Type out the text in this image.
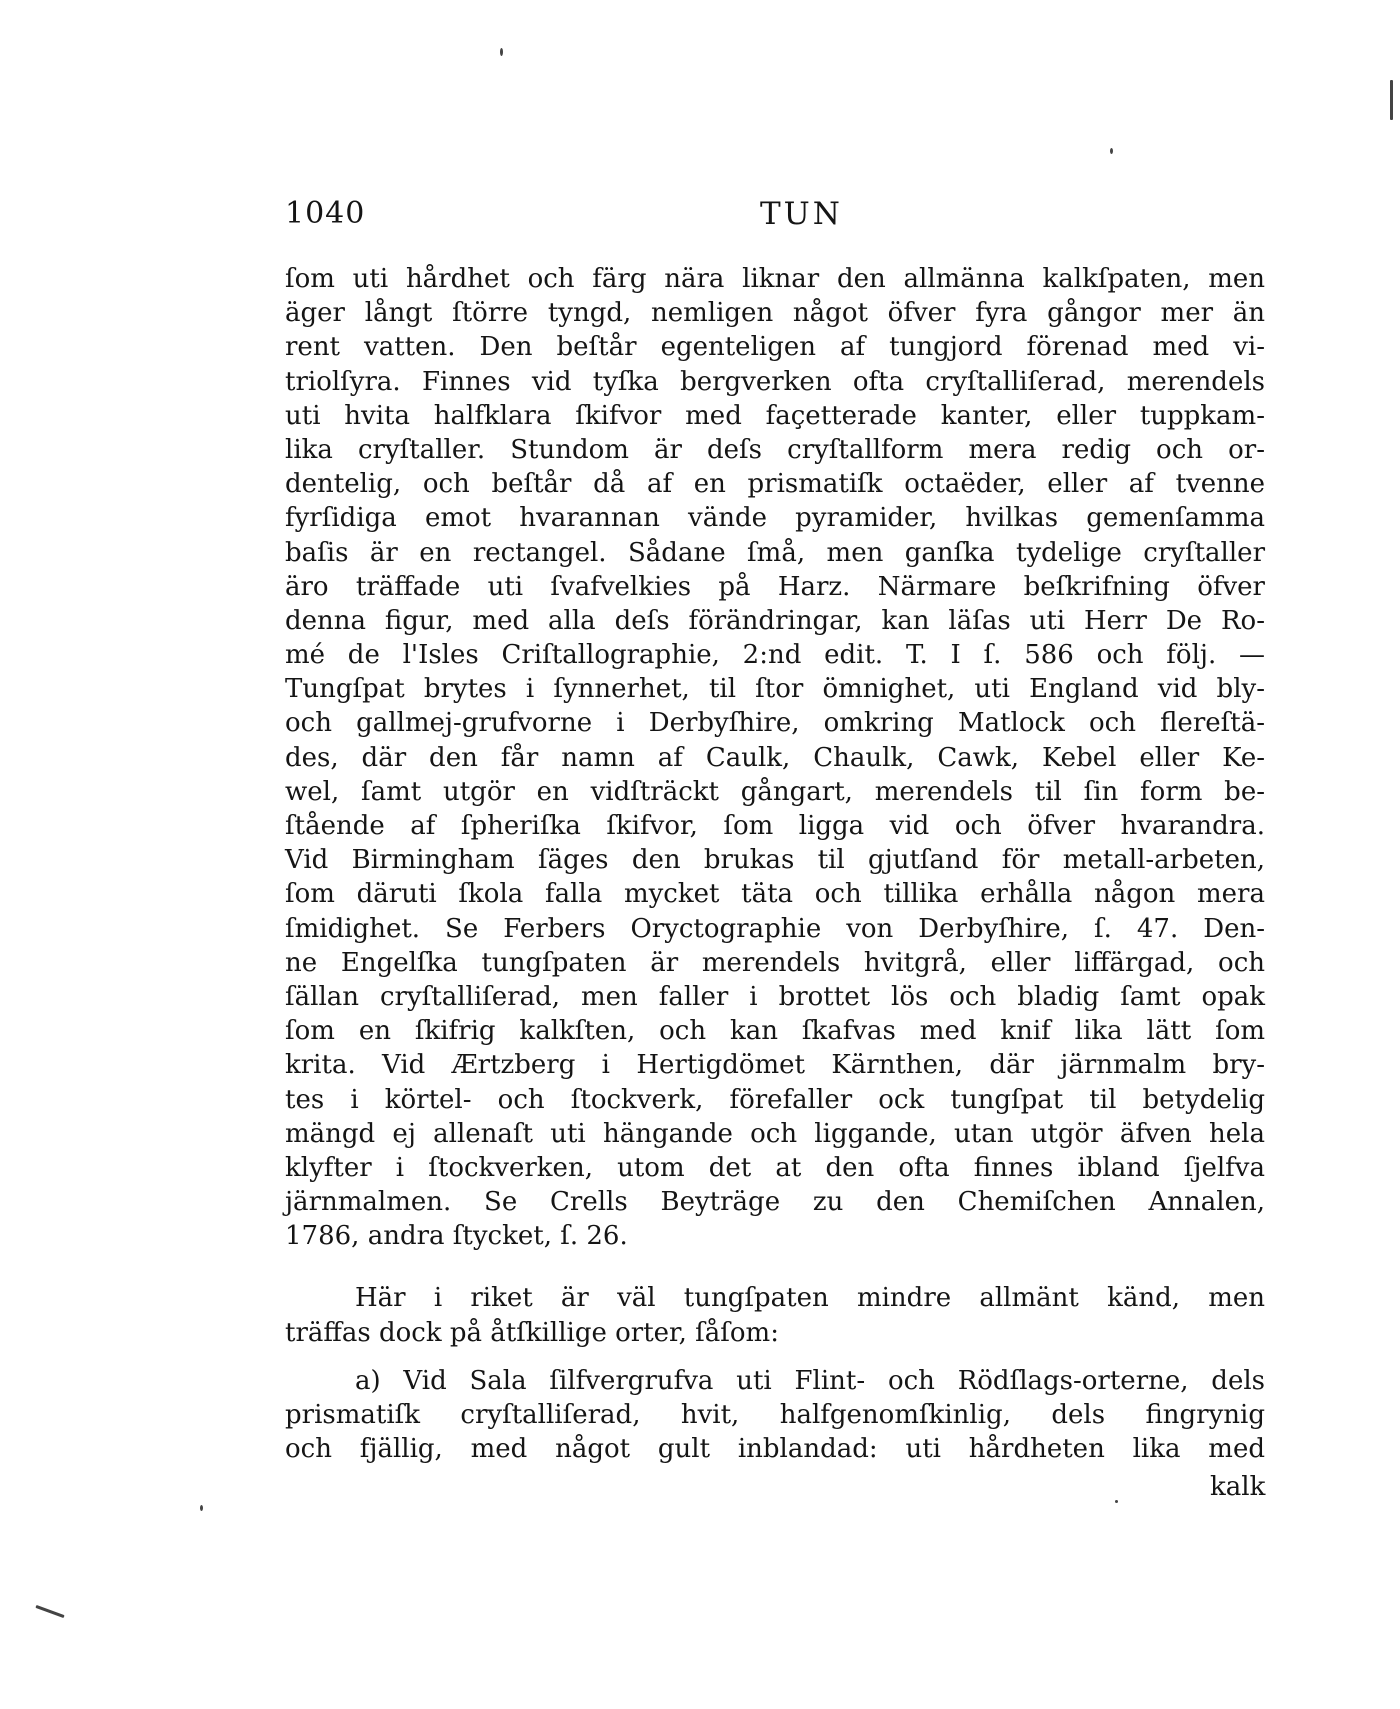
1040	TUN
ſom uti hårdhet och färg nära liknar den allmänna kalkſpaten, men
äger långt ſtörre tyngd, nemligen något öfver fyra gångor mer än
rent vatten. Den beſtår egenteligen af tungjord förenad med vi-
triolſyra. Finnes vid tyſka bergverken ofta cryſtalliſerad, merendels
uti hvita halfklara ſkifvor med façetterade kanter, eller tuppkam-
lika cryſtaller. Stundom är deſs cryſtallform mera redig och or-
dentelig, och beſtår då af en prismatiſk octaëder, eller af tvenne
fyrſidiga emot hvarannan vände pyramider, hvilkas gemenſamma
baſis är en rectangel. Sådane ſmå, men ganſka tydelige cryſtaller
äro träffade uti ſvafvelkies på Harz. Närmare beſkrifning öfver
denna figur, med alla deſs förändringar, kan läſas uti Herr De Ro-
mé de l'Isles Criſtallographie, 2:nd edit. T. I ſ. 586 och följ. —
Tungſpat brytes i ſynnerhet, til ſtor ömnighet, uti England vid bly-
och gallmej-grufvorne i Derbyſhire, omkring Matlock och flereſtä-
des, där den får namn af Caulk, Chaulk, Cawk, Kebel eller Ke-
wel, ſamt utgör en vidſträckt gångart, merendels til ſin form be-
ſtående af ſpheriſka ſkifvor, ſom ligga vid och öfver hvarandra.
Vid Birmingham ſäges den brukas til gjutſand för metall-arbeten,
ſom däruti ſkola falla mycket täta och tillika erhålla någon mera
ſmidighet. Se Ferbers Oryctographie von Derbyſhire, ſ. 47. Den-
ne Engelſka tungſpaten är merendels hvitgrå, eller liffärgad, och
ſällan cryſtalliſerad, men faller i brottet lös och bladig ſamt opak
ſom en ſkifrig kalkſten, och kan ſkafvas med knif lika lätt ſom
krita. Vid Ærtzberg i Hertigdömet Kärnthen, där järnmalm bry-
tes i körtel- och ſtockverk, förefaller ock tungſpat til betydelig
mängd ej allenaſt uti hängande och liggande, utan utgör äfven hela
klyfter i ſtockverken, utom det at den ofta finnes ibland ſjelfva
järnmalmen. Se Crells Beyträge zu den Chemiſchen Annalen,
1786, andra ſtycket, ſ. 26.
Här i riket är väl tungſpaten mindre allmänt känd, men
träffas dock på åtſkillige orter, ſåſom:
a) Vid Sala ſilfvergrufva uti Flint- och Rödſlags-orterne, dels
prismatiſk cryſtalliſerad, hvit, halfgenomſkinlig, dels fingrynig
och fjällig, med något gult inblandad: uti hårdheten lika med
kalk
